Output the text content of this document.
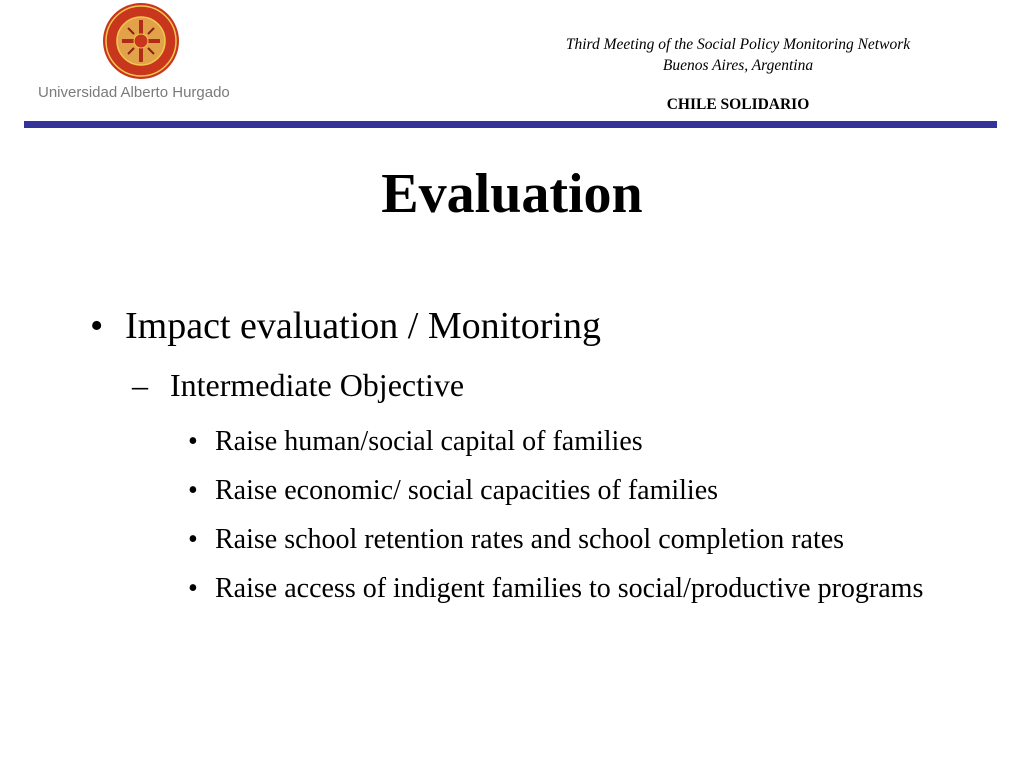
Universidad Alberto Hurgado
Third Meeting of the Social Policy Monitoring Network
Buenos Aires, Argentina
CHILE SOLIDARIO
Evaluation
• Impact evaluation / Monitoring
– Intermediate Objective
• Raise human/social capital of families
• Raise economic/ social capacities of families
• Raise school retention rates and school completion rates
• Raise access of indigent families to social/productive programs
